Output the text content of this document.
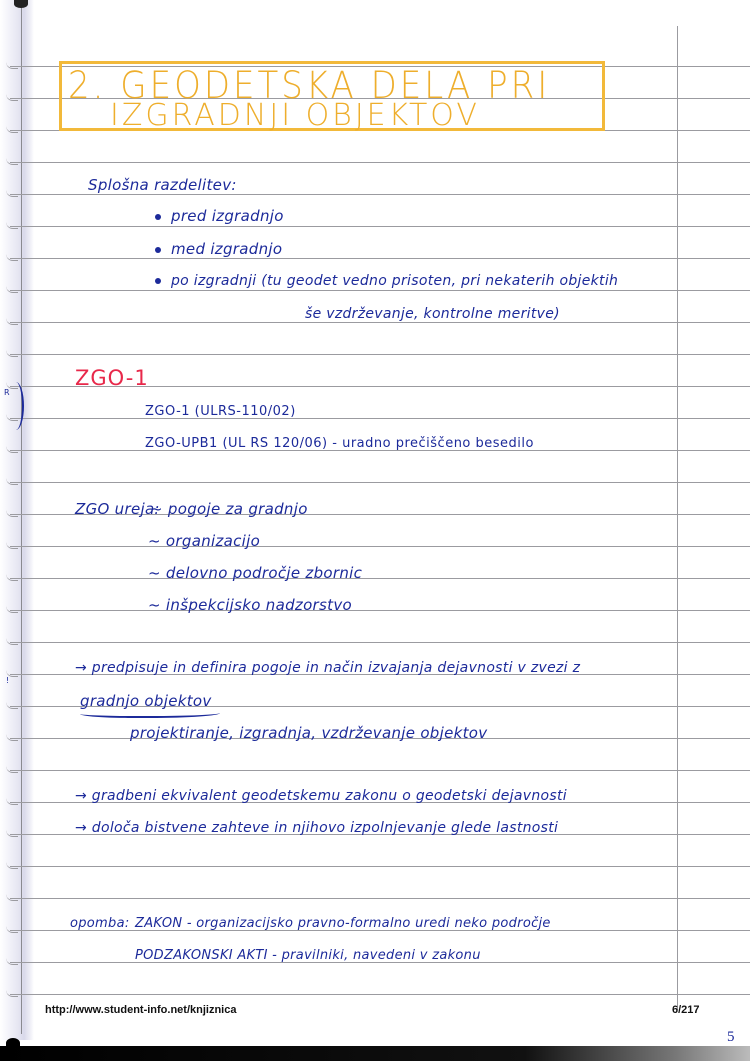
2. GEODETSKA DELA PRI
IZGRADNJI OBJEKTOV
Splošna razdelitev:
pred izgradnjo
med izgradnjo
po izgradnji (tu geodet vedno prisoten, pri nekaterih objektih
še vzdrževanje, kontrolne meritve)
R
ZGO-1
ZGO-1 (ULRS-110/02)
ZGO-UPB1 (UL RS 120/06) - uradno prečiščeno besedilo
ZGO ureja:
~ pogoje za gradnjo
~ organizacijo
~ delovno področje zbornic
~ inšpekcijsko nadzorstvo
!
→ predpisuje in definira pogoje in način izvajanja dejavnosti v zvezi z
gradnjo objektov
projektiranje, izgradnja, vzdrževanje objektov
→ gradbeni ekvivalent geodetskemu zakonu o geodetski dejavnosti
→ določa bistvene zahteve in njihovo izpolnjevanje glede lastnosti
opomba: ZAKON - organizacijsko pravno-formalno uredi neko področje
PODZAKONSKI AKTI - pravilniki, navedeni v zakonu
http://www.student-info.net/knjiznica	6/217
5
